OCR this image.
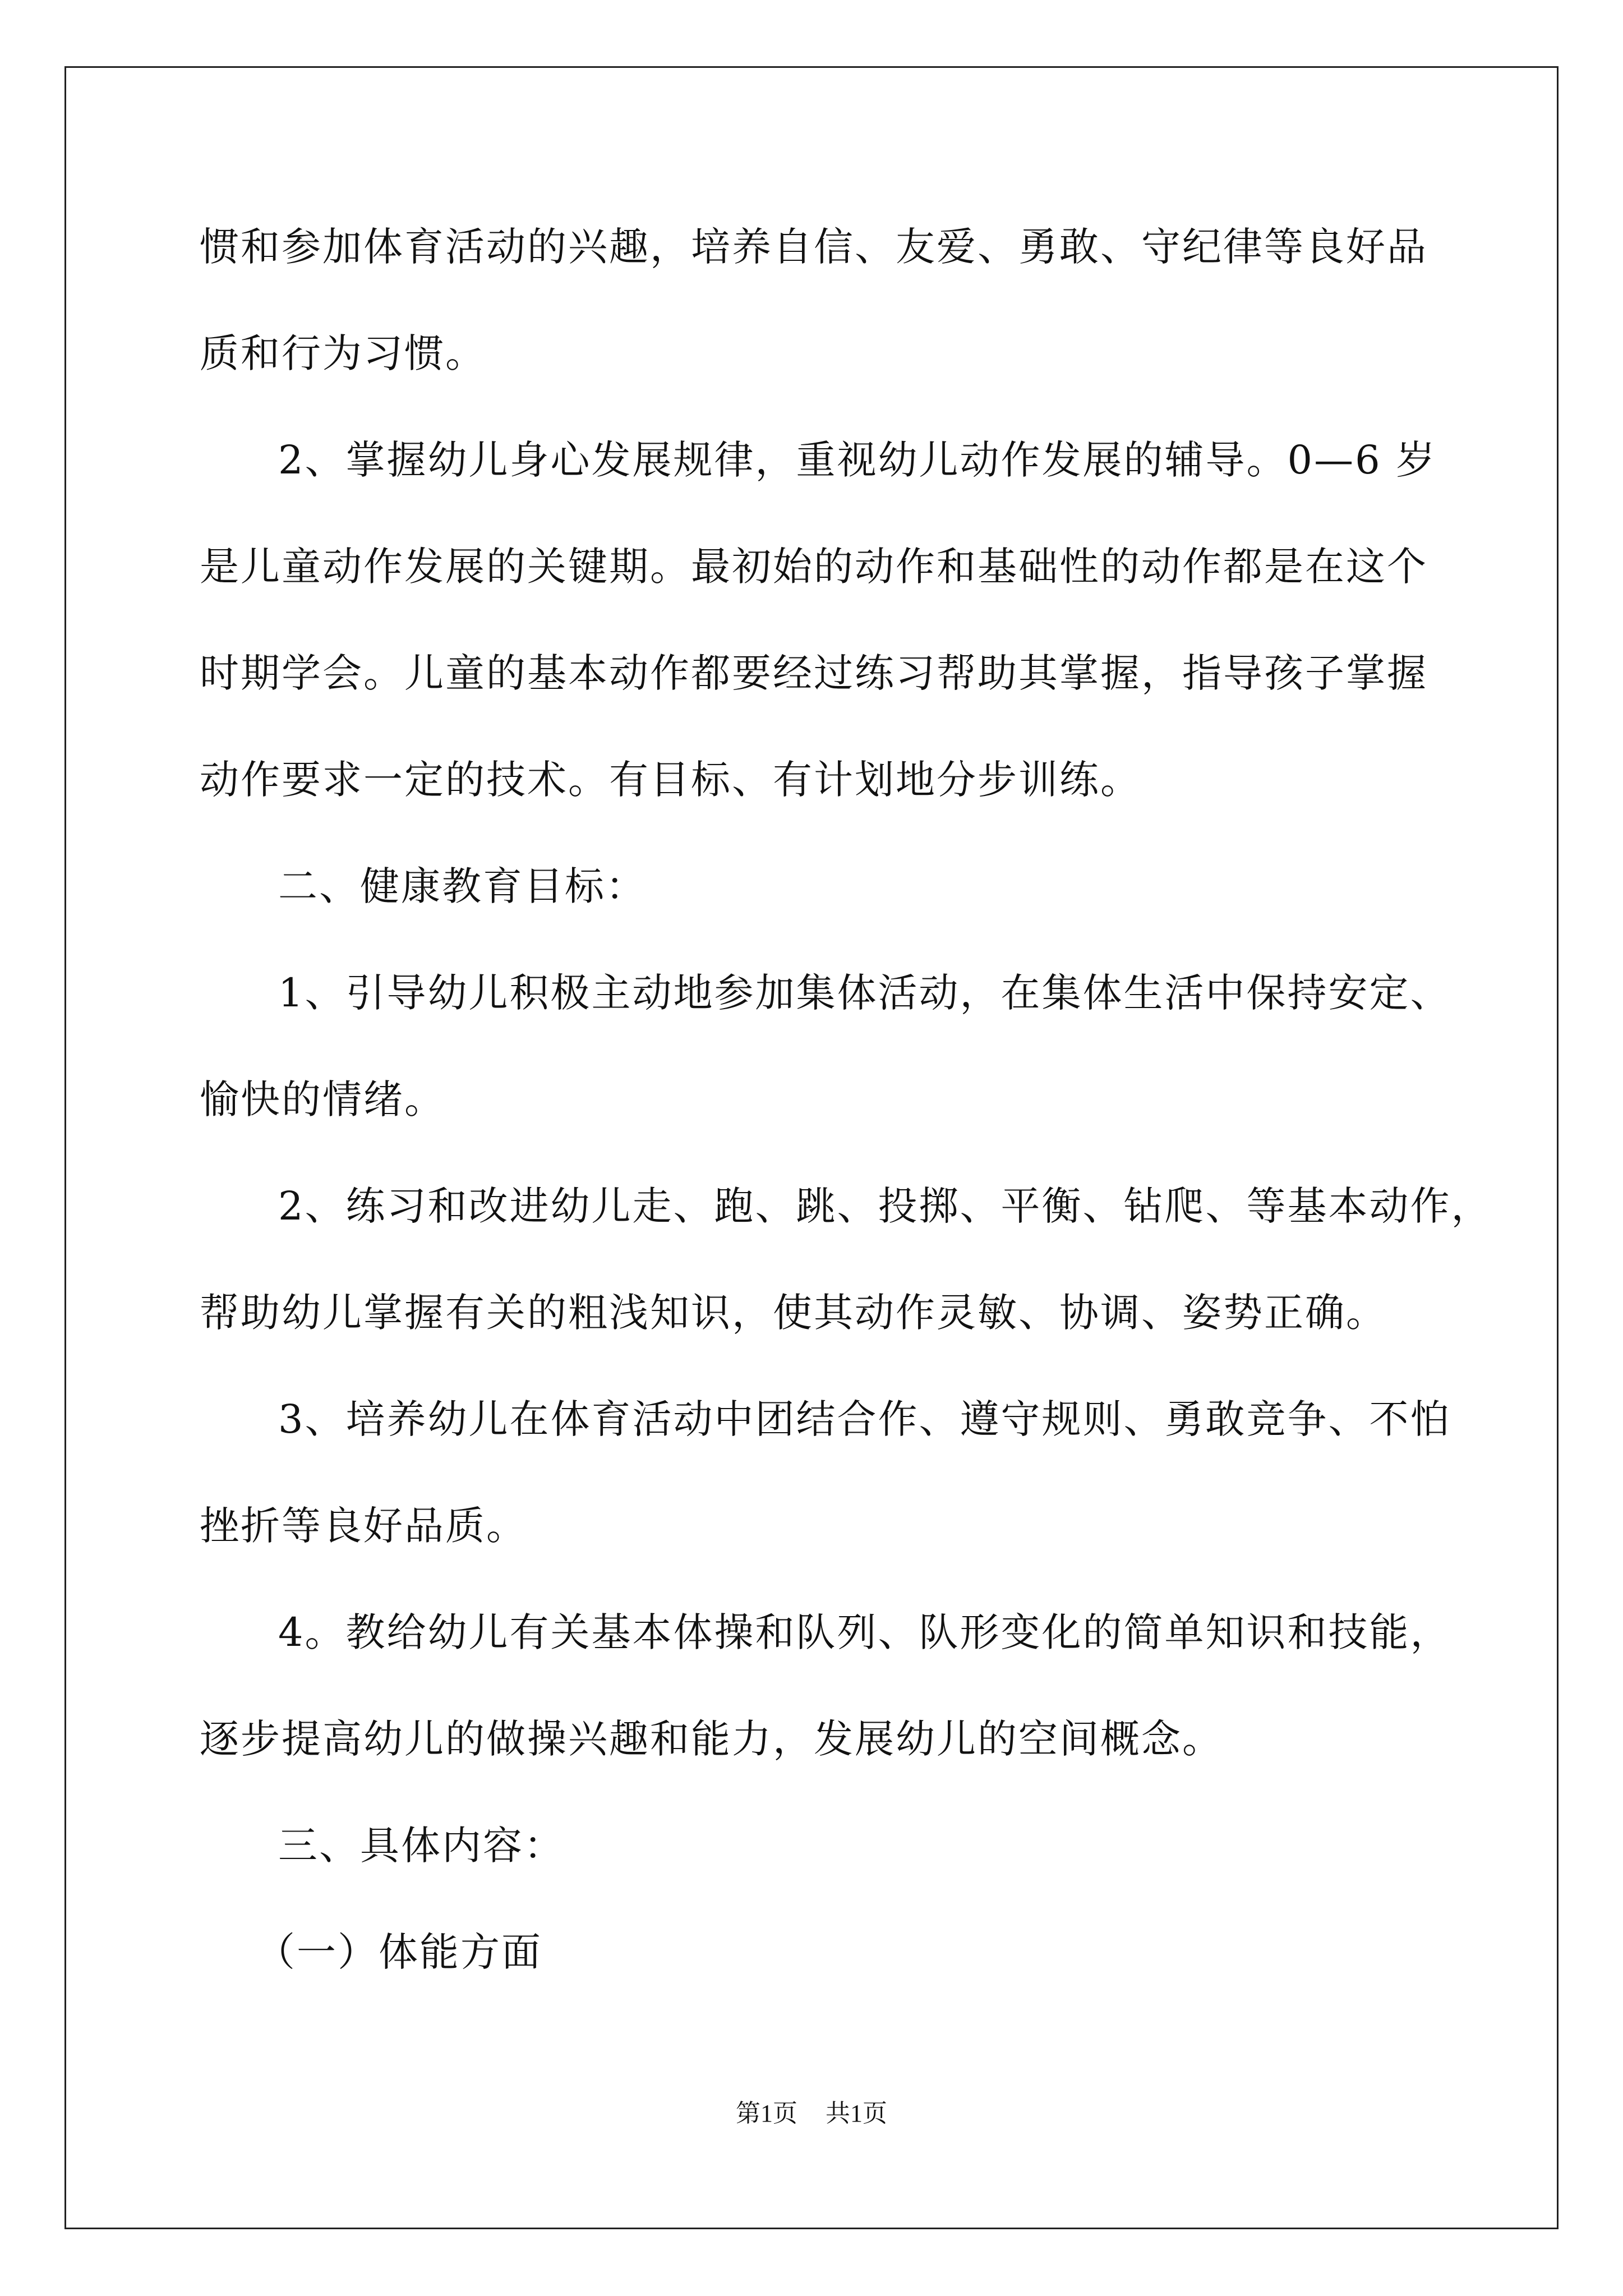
惯和参加体育活动的兴趣，培养自信、友爱、勇敢、守纪律等良好品
质和行为习惯。
2、掌握幼儿身心发展规律，重视幼儿动作发展的辅导。0—6 岁
是儿童动作发展的关键期。最初始的动作和基础性的动作都是在这个
时期学会。儿童的基本动作都要经过练习帮助其掌握，指导孩子掌握
动作要求一定的技术。有目标、有计划地分步训练。
二、健康教育目标：
1、引导幼儿积极主动地参加集体活动，在集体生活中保持安定、
愉快的情绪。
2、练习和改进幼儿走、跑、跳、投掷、平衡、钻爬、等基本动作，
帮助幼儿掌握有关的粗浅知识，使其动作灵敏、协调、姿势正确。
3、培养幼儿在体育活动中团结合作、遵守规则、勇敢竞争、不怕
挫折等良好品质。
4。教给幼儿有关基本体操和队列、队形变化的简单知识和技能，
逐步提高幼儿的做操兴趣和能力，发展幼儿的空间概念。
三、具体内容：
（一）体能方面
第1页 共1页
